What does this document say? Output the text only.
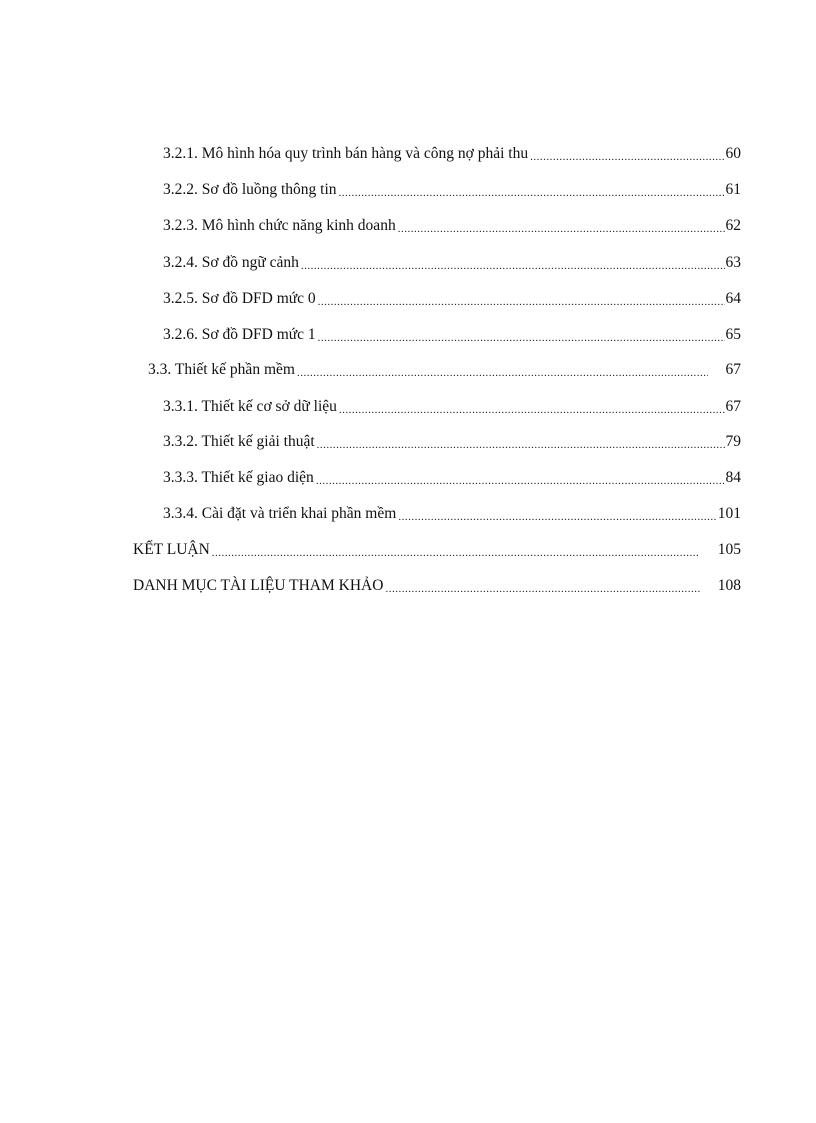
3.2.1. Mô hình hóa quy trình bán hàng và công nợ phải thu .....	60
3.2.2. Sơ đồ luồng thông tin .....	61
3.2.3. Mô hình chức năng kinh doanh .....	62
3.2.4. Sơ đồ ngữ cảnh .....	63
3.2.5. Sơ đồ DFD mức 0 .....	64
3.2.6. Sơ đồ DFD mức 1 .....	65
3.3. Thiết kế phần mềm .....	67
3.3.1. Thiết kế cơ sở dữ liệu .....	67
3.3.2. Thiết kế giải thuật .....	79
3.3.3. Thiết kế giao diện .....	84
3.3.4. Cài đặt và triển khai phần mềm .....	101
KẾT LUẬN .....	105
DANH MỤC TÀI LIỆU THAM KHẢO .....	108
